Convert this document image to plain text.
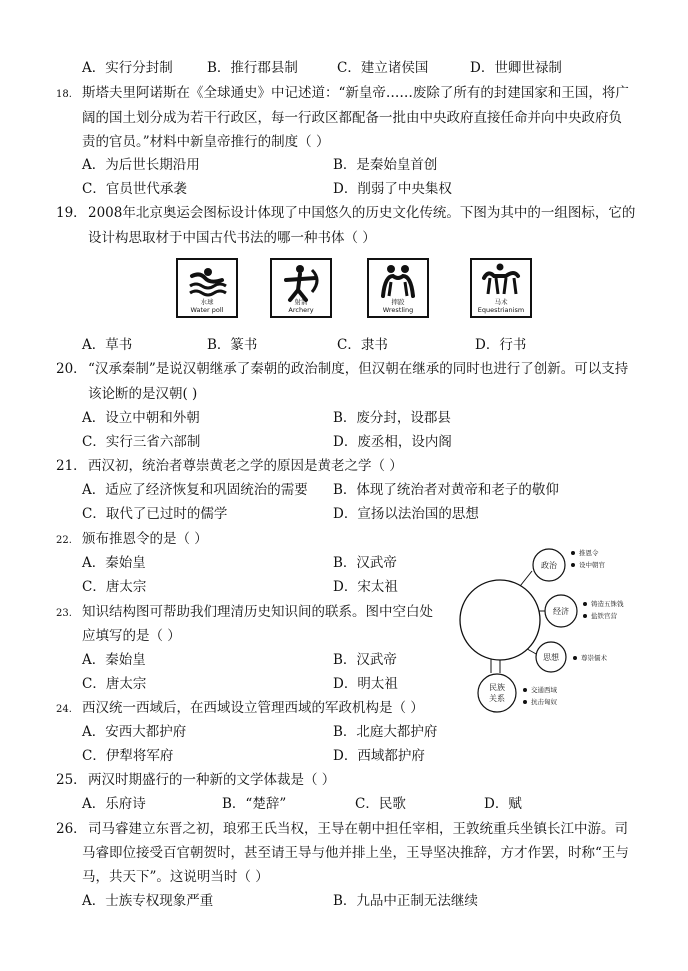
A．实行分封制	B．推行郡县制	C．建立诸侯国	D．世卿世禄制
18. 斯塔夫里阿诺斯在《全球通史》中记述道：“新皇帝……废除了所有的封建国家和王国，将广
阔的国土划分成为若干行政区，每一行政区都配备一批由中央政府直接任命并向中央政府负
责的官员。”材料中新皇帝推行的制度（ ）
A．为后世长期沿用	B．是秦始皇首创
C．官员世代承袭	D．削弱了中央集权
19． 2008年北京奥运会图标设计体现了中国悠久的历史文化传统。下图为其中的一组图标，它的
设计构思取材于中国古代书法的哪一种书体（ ）
水球
Water poll
射箭
Archery
摔跤
Wrestling
马术
Equestrianism
A．草书	B．篆书	C．隶书	D．行书
20． “汉承秦制”是说汉朝继承了秦朝的政治制度，但汉朝在继承的同时也进行了创新。可以支持
该论断的是汉朝( )
A．设立中朝和外朝	B．废分封，设郡县
C．实行三省六部制	D．废丞相，设内阁
21． 西汉初，统治者尊崇黄老之学的原因是黄老之学（ ）
A．适应了经济恢复和巩固统治的需要 B．体现了统治者对黄帝和老子的敬仰
C．取代了已过时的儒学	D．宣扬以法治国的思想
22. 颁布推恩令的是（ ）
A．秦始皇	B．汉武帝
C．唐太宗	D．宋太祖
23. 知识结构图可帮助我们理清历史知识间的联系。图中空白处
应填写的是（ ）
A．秦始皇	B．汉武帝
C．唐太宗	D．明太祖
政治
经济
思想
民族
关系
推恩令
设中朝官
铸造五铢钱
盐铁官营
尊崇儒术
交通西域
抗击匈奴
24. 西汉统一西域后，在西域设立管理西域的军政机构是（ ）
A．安西大都护府	B．北庭大都护府
C．伊犁将军府	D．西域都护府
25． 两汉时期盛行的一种新的文学体裁是（ ）
A．乐府诗	B．“楚辞”	C．民歌	D．赋
26． 司马睿建立东晋之初，琅邪王氏当权，王导在朝中担任宰相，王敦统重兵坐镇长江中游。司
马睿即位接受百官朝贺时，甚至请王导与他并排上坐，王导坚决推辞，方才作罢，时称“王与
马，共天下”。这说明当时（ ）
A．士族专权现象严重	B．九品中正制无法继续
